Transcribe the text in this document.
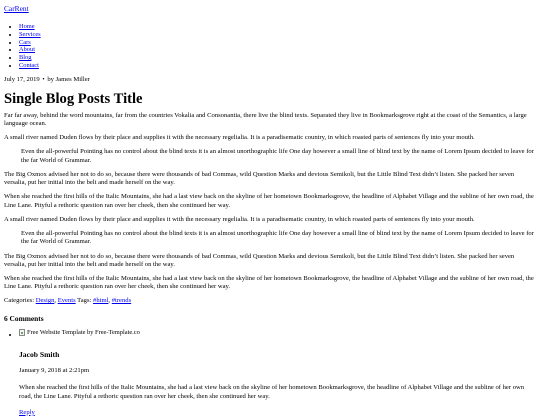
CarRent
• Home
• Services
• Cars
• About
• Blog
• Contact
July 17, 2019 • by James Miller
Single Blog Posts Title

Far far away, behind the word mountains, far from the countries Vokalia and Consonantia, there live the blind texts. Separated they live in Bookmarksgrove right at the coast of the Semantics, a large language ocean.

A small river named Duden flows by their place and supplies it with the necessary regelialia. It is a paradisematic country, in which roasted parts of sentences fly into your mouth.

Even the all-powerful Pointing has no control about the blind texts it is an almost unorthographic life One day however a small line of blind text by the name of Lorem Ipsum decided to leave for the far World of Grammar.

The Big Oxmox advised her not to do so, because there were thousands of bad Commas, wild Question Marks and devious Semikoli, but the Little Blind Text didn’t listen. She packed her seven versalia, put her initial into the belt and made herself on the way.

When she reached the first hills of the Italic Mountains, she had a last view back on the skyline of her hometown Bookmarksgrove, the headline of Alphabet Village and the subline of her own road, the Line Lane. Pityful a rethoric question ran over her cheek, then she continued her way.

A small river named Duden flows by their place and supplies it with the necessary regelialia. It is a paradisematic country, in which roasted parts of sentences fly into your mouth.

Even the all-powerful Pointing has no control about the blind texts it is an almost unorthographic life One day however a small line of blind text by the name of Lorem Ipsum decided to leave for the far World of Grammar.

The Big Oxmox advised her not to do so, because there were thousands of bad Commas, wild Question Marks and devious Semikoli, but the Little Blind Text didn’t listen. She packed her seven versalia, put her initial into the belt and made herself on the way.

When she reached the first hills of the Italic Mountains, she had a last view back on the skyline of her hometown Bookmarksgrove, the headline of Alphabet Village and the subline of her own road, the Line Lane. Pityful a rethoric question ran over her cheek, then she continued her way.

Categories: Design, Events Tags: #html, #trends
6 Comments
• Free Website Template by Free-Template.co
Jacob Smith
January 9, 2018 at 2:21pm

When she reached the first hills of the Italic Mountains, she had a last view back on the skyline of her hometown Bookmarksgrove, the headline of Alphabet Village and the subline of her own road, the Line Lane. Pityful a rethoric question ran over her cheek, then she continued her way.

Reply
